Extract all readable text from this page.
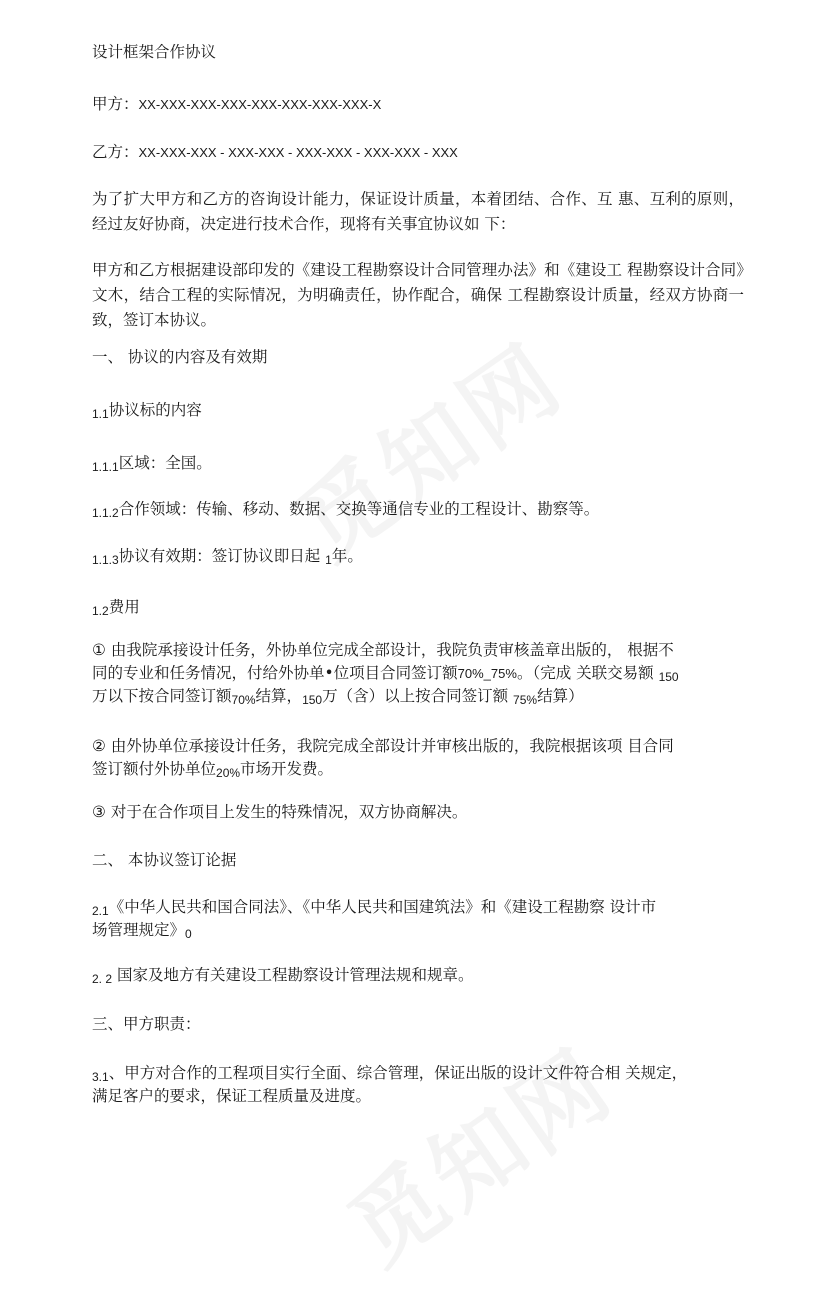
设计框架合作协议
甲方：XX-XXX-XXX-XXX-XXX-XXX-XXX-XXX-X
乙方：XX-XXX-XXX - XXX-XXX - XXX-XXX - XXX-XXX - XXX
为了扩大甲方和乙方的咨询设计能力，保证设计质量，本着团结、合作、互 惠、互利的原则，经过友好协商，决定进行技术合作，现将有关事宜协议如 下：
甲方和乙方根据建设部印发的《建设工程勘察设计合同管理办法》和《建设工 程勘察设计合同》文木，结合工程的实际情况，为明确责任，协作配合，确保 工程勘察设计质量，经双方协商一致，签订本协议。
一、 协议的内容及有效期
1.1协议标的内容
1.1.1区域：全国。
1.1.2合作领域：传输、移动、数据、交换等通信专业的工程设计、勘察等。
1.1.3协议有效期：签订协议即日起 1年。
1.2费用
① 由我院承接设计任务，外协单位完成全部设计，我院负责审核盖章出版的， 根据不
同的专业和任务情况，付给外协单•位项目合同签订额70%_75%。（完成 关联交易额 150
万以下按合同签订额70%结算，150万（含）以上按合同签订额 75%结算）
② 由外协单位承接设计任务，我院完成全部设计并审核出版的，我院根据该项 目合同
签订额付外协单位20%市场开发费。
③ 对于在合作项目上发生的特殊情况，双方协商解决。
二、 本协议签订论据
2.1《中华人民共和国合同法》、《中华人民共和国建筑法》和《建设工程勘察 设计市
场管理规定》0
2. 2 国家及地方有关建设工程勘察设计管理法规和规章。
三、甲方职责：
3.1、甲方对合作的工程项目实行全面、综合管理，保证出版的设计文件符合相 关规定，
满足客户的要求，保证工程质量及进度。
